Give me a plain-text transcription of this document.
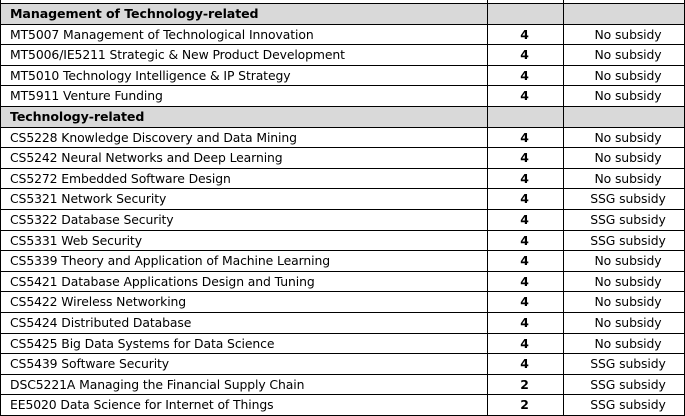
Management of Technology-related		
MT5007 Management of Technological Innovation	4	No subsidy
MT5006/IE5211 Strategic & New Product Development	4	No subsidy
MT5010 Technology Intelligence & IP Strategy	4	No subsidy
MT5911 Venture Funding	4	No subsidy
Technology-related		
CS5228 Knowledge Discovery and Data Mining	4	No subsidy
CS5242 Neural Networks and Deep Learning	4	No subsidy
CS5272 Embedded Software Design	4	No subsidy
CS5321 Network Security	4	SSG subsidy
CS5322 Database Security	4	SSG subsidy
CS5331 Web Security	4	SSG subsidy
CS5339 Theory and Application of Machine Learning	4	No subsidy
CS5421 Database Applications Design and Tuning	4	No subsidy
CS5422 Wireless Networking	4	No subsidy
CS5424 Distributed Database	4	No subsidy
CS5425 Big Data Systems for Data Science	4	No subsidy
CS5439 Software Security	4	SSG subsidy
DSC5221A Managing the Financial Supply Chain	2	SSG subsidy
EE5020 Data Science for Internet of Things	2	SSG subsidy
